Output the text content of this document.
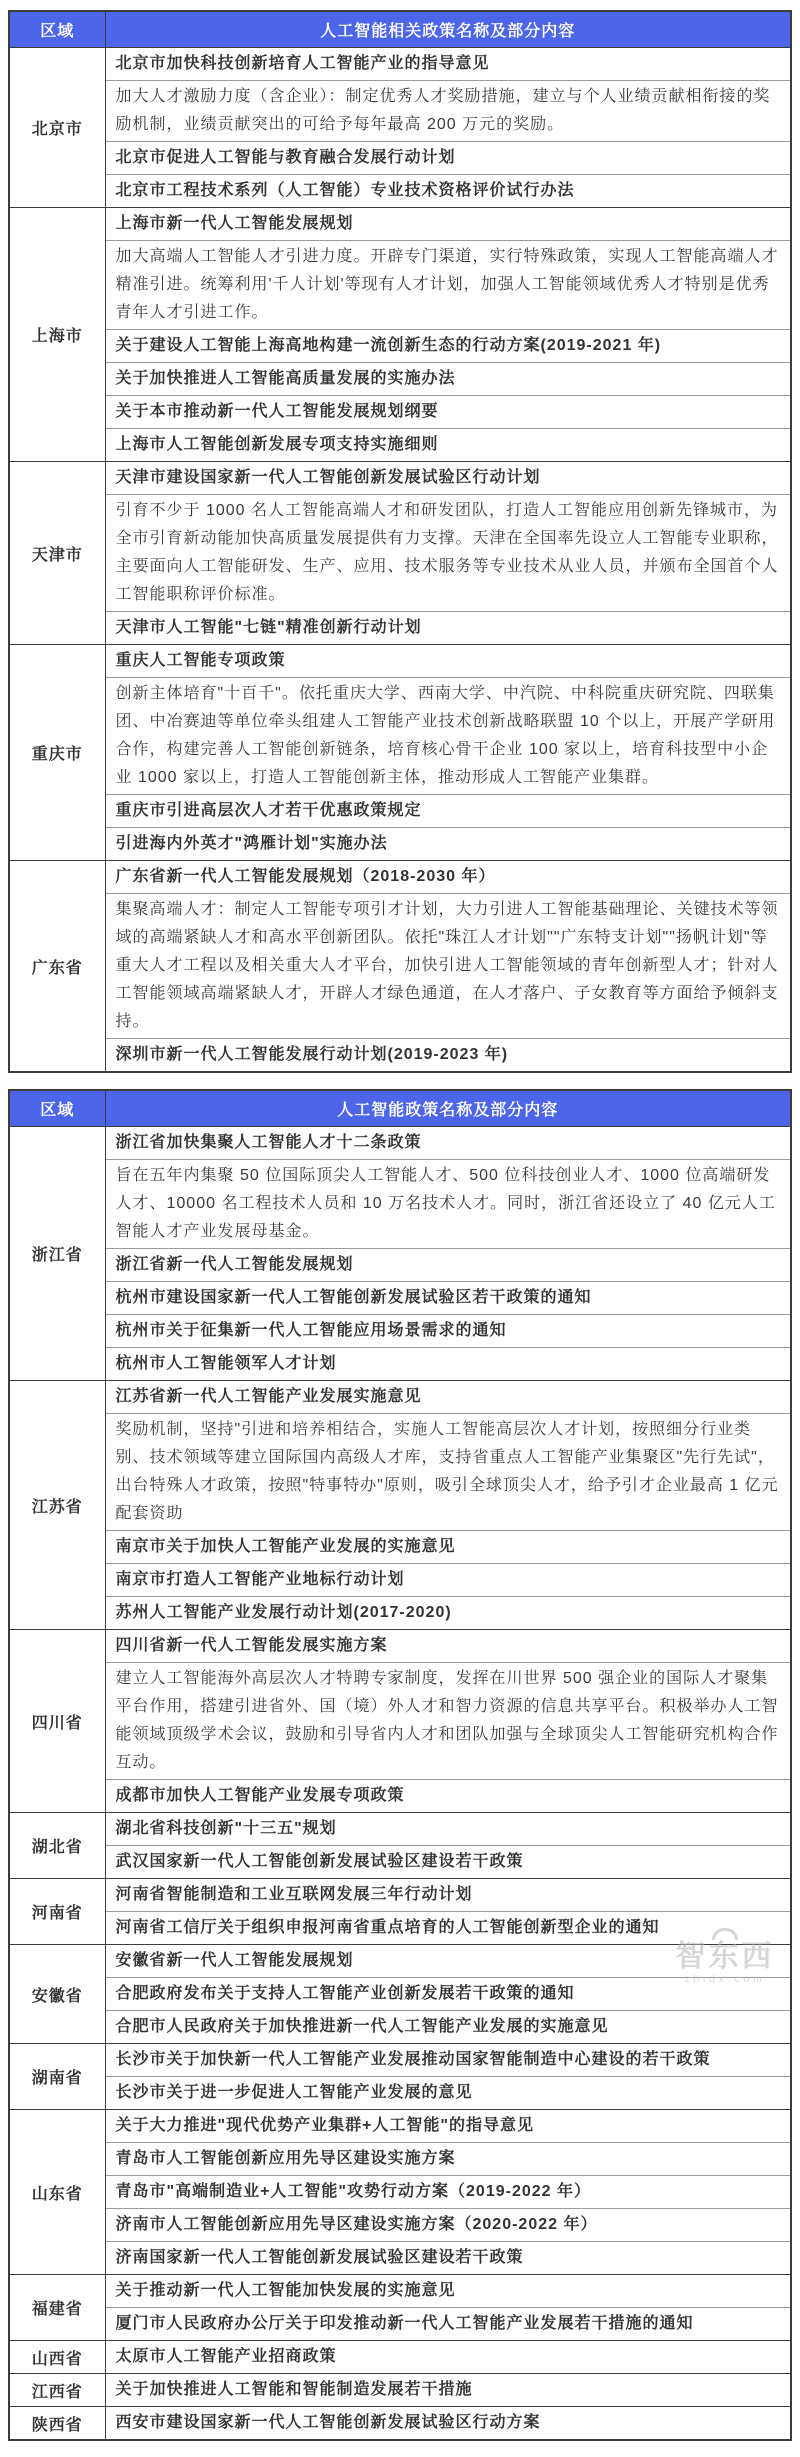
区域	人工智能相关政策名称及部分内容
北京市	北京市加快科技创新培育人工智能产业的指导意见
	加大人才激励力度（含企业）：制定优秀人才奖励措施，建立与个人业绩贡献相衔接的奖励机制，业绩贡献突出的可给予每年最高 200 万元的奖励。
	北京市促进人工智能与教育融合发展行动计划
	北京市工程技术系列（人工智能）专业技术资格评价试行办法
上海市	上海市新一代人工智能发展规划
	加大高端人工智能人才引进力度。开辟专门渠道，实行特殊政策，实现人工智能高端人才精准引进。统筹利用'千人计划'等现有人才计划，加强人工智能领域优秀人才特别是优秀青年人才引进工作。
	关于建设人工智能上海高地构建一流创新生态的行动方案(2019-2021 年)
	关于加快推进人工智能高质量发展的实施办法
	关于本市推动新一代人工智能发展规划纲要
	上海市人工智能创新发展专项支持实施细则
天津市	天津市建设国家新一代人工智能创新发展试验区行动计划
	引育不少于 1000 名人工智能高端人才和研发团队，打造人工智能应用创新先锋城市，为全市引育新动能加快高质量发展提供有力支撑。天津在全国率先设立人工智能专业职称，主要面向人工智能研发、生产、应用、技术服务等专业技术从业人员，并颁布全国首个人工智能职称评价标准。
	天津市人工智能"七链"精准创新行动计划
重庆市	重庆人工智能专项政策
	创新主体培育"十百千"。依托重庆大学、西南大学、中汽院、中科院重庆研究院、四联集团、中冶赛迪等单位牵头组建人工智能产业技术创新战略联盟 10 个以上，开展产学研用合作，构建完善人工智能创新链条，培育核心骨干企业 100 家以上，培育科技型中小企业 1000 家以上，打造人工智能创新主体，推动形成人工智能产业集群。
	重庆市引进高层次人才若干优惠政策规定
	引进海内外英才"鸿雁计划"实施办法
广东省	广东省新一代人工智能发展规划（2018-2030 年）
	集聚高端人才：制定人工智能专项引才计划，大力引进人工智能基础理论、关键技术等领域的高端紧缺人才和高水平创新团队。依托"珠江人才计划""广东特支计划""扬帆计划"等重大人才工程以及相关重大人才平台，加快引进人工智能领域的青年创新型人才；针对人工智能领域高端紧缺人才，开辟人才绿色通道，在人才落户、子女教育等方面给予倾斜支持。
	深圳市新一代人工智能发展行动计划(2019-2023 年)
区域	人工智能政策名称及部分内容
浙江省	浙江省加快集聚人工智能人才十二条政策
	旨在五年内集聚 50 位国际顶尖人工智能人才、500 位科技创业人才、1000 位高端研发人才、10000 名工程技术人员和 10 万名技术人才。同时，浙江省还设立了 40 亿元人工智能人才产业发展母基金。
	浙江省新一代人工智能发展规划
	杭州市建设国家新一代人工智能创新发展试验区若干政策的通知
	杭州市关于征集新一代人工智能应用场景需求的通知
	杭州市人工智能领军人才计划
江苏省	江苏省新一代人工智能产业发展实施意见
	奖励机制，坚持"引进和培养相结合，实施人工智能高层次人才计划，按照细分行业类别、技术领域等建立国际国内高级人才库，支持省重点人工智能产业集聚区"先行先试"，出台特殊人才政策，按照"特事特办"原则，吸引全球顶尖人才，给予引才企业最高 1 亿元配套资助
	南京市关于加快人工智能产业发展的实施意见
	南京市打造人工智能产业地标行动计划
	苏州人工智能产业发展行动计划(2017-2020)
四川省	四川省新一代人工智能发展实施方案
	建立人工智能海外高层次人才特聘专家制度，发挥在川世界 500 强企业的国际人才聚集平台作用，搭建引进省外、国（境）外人才和智力资源的信息共享平台。积极举办人工智能领域顶级学术会议，鼓励和引导省内人才和团队加强与全球顶尖人工智能研究机构合作互动。
	成都市加快人工智能产业发展专项政策
湖北省	湖北省科技创新"十三五"规划
	武汉国家新一代人工智能创新发展试验区建设若干政策
河南省	河南省智能制造和工业互联网发展三年行动计划
	河南省工信厅关于组织申报河南省重点培育的人工智能创新型企业的通知
安徽省	安徽省新一代人工智能发展规划
	合肥政府发布关于支持人工智能产业创新发展若干政策的通知
	合肥市人民政府关于加快推进新一代人工智能产业发展的实施意见
湖南省	长沙市关于加快新一代人工智能产业发展推动国家智能制造中心建设的若干政策
	长沙市关于进一步促进人工智能产业发展的意见
山东省	关于大力推进"现代优势产业集群+人工智能"的指导意见
	青岛市人工智能创新应用先导区建设实施方案
	青岛市"高端制造业+人工智能"攻势行动方案（2019-2022 年）
	济南市人工智能创新应用先导区建设实施方案（2020-2022 年）
	济南国家新一代人工智能创新发展试验区建设若干政策
福建省	关于推动新一代人工智能加快发展的实施意见
	厦门市人民政府办公厅关于印发推动新一代人工智能产业发展若干措施的通知
山西省	太原市人工智能产业招商政策
江西省	关于加快推进人工智能和智能制造发展若干措施
陕西省	西安市建设国家新一代人工智能创新发展试验区行动方案
智东西
zhidx.com
